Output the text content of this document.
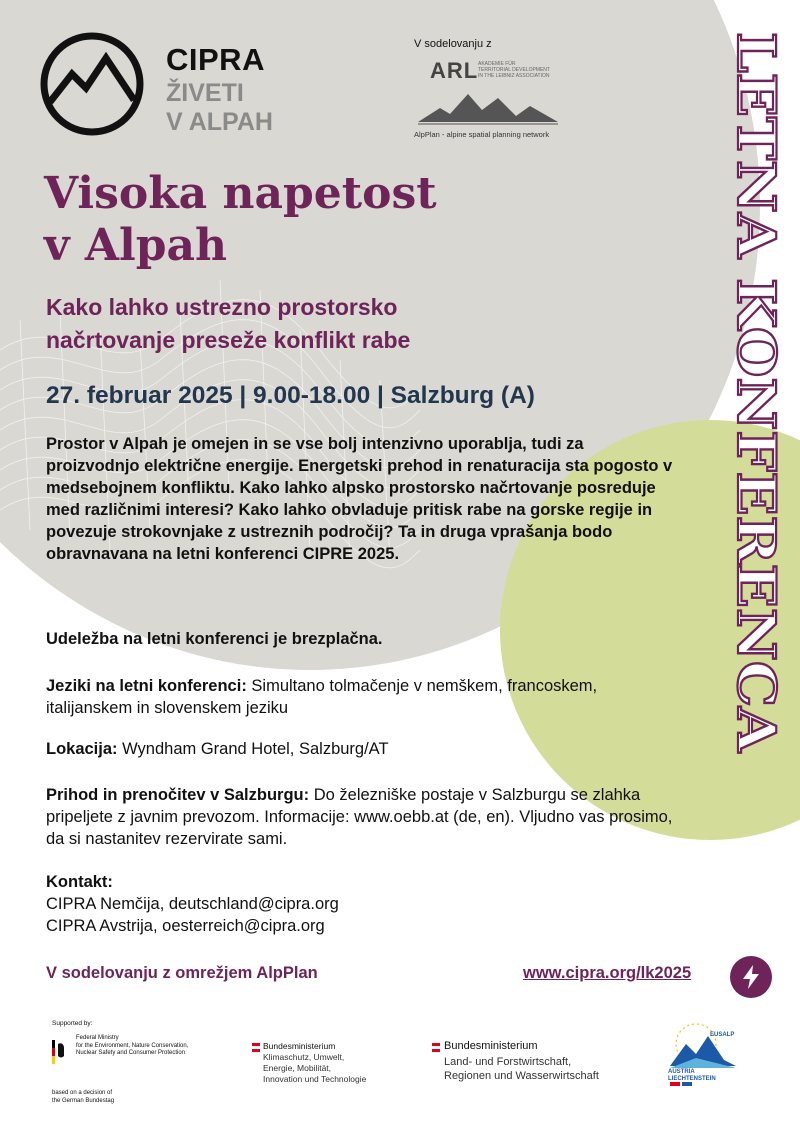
CIPRA
ŽIVETI
V ALPAH
V sodelovanju z
ARL AKADEMIE FÜR
TERRITORIAL DEVELOPMENT
IN THE LEIBNIZ ASSOCIATION
AlpPlan - alpine spatial planning network	LETNA KONFERENCA
Visoka napetost
v Alpah
Kako lahko ustrezno prostorsko
načrtovanje preseže konflikt rabe
27. februar 2025 | 9.00-18.00 | Salzburg (A)
Prostor v Alpah je omejen in se vse bolj intenzivno uporablja, tudi za proizvodnjo električne energije. Energetski prehod in renaturacija sta pogosto v medsebojnem konfliktu. Kako lahko alpsko prostorsko načrtovanje posreduje med različnimi interesi? Kako lahko obvladuje pritisk rabe na gorske regije in povezuje strokovnjake z ustreznih področij? Ta in druga vprašanja bodo obravnavana na letni konferenci CIPRE 2025.
Udeležba na letni konferenci je brezplačna.
Jeziki na letni konferenci: Simultano tolmačenje v nemškem, francoskem, italijanskem in slovenskem jeziku
Lokacija: Wyndham Grand Hotel, Salzburg/AT
Prihod in prenočitev v Salzburgu: Do železniške postaje v Salzburgu se zlahka pripeljete z javnim prevozom. Informacije: www.oebb.at (de, en). Vljudno vas prosimo, da si nastanitev rezervirate sami.
Kontakt:
CIPRA Nemčija, deutschland@cipra.org
CIPRA Avstrija, oesterreich@cipra.org
V sodelovanju z omrežjem AlpPlan	www.cipra.org/lk2025
Supported by:
Federal Ministry
for the Environment, Nature Conservation,
Nuclear Safety and Consumer Protection
based on a decision of
the German Bundestag
Bundesministerium
Klimaschutz, Umwelt,
Energie, Mobilität,
Innovation und Technologie
Bundesministerium
Land- und Forstwirtschaft,
Regionen und Wasserwirtschaft
EUSALP
AUSTRIA
LIECHTENSTEIN
